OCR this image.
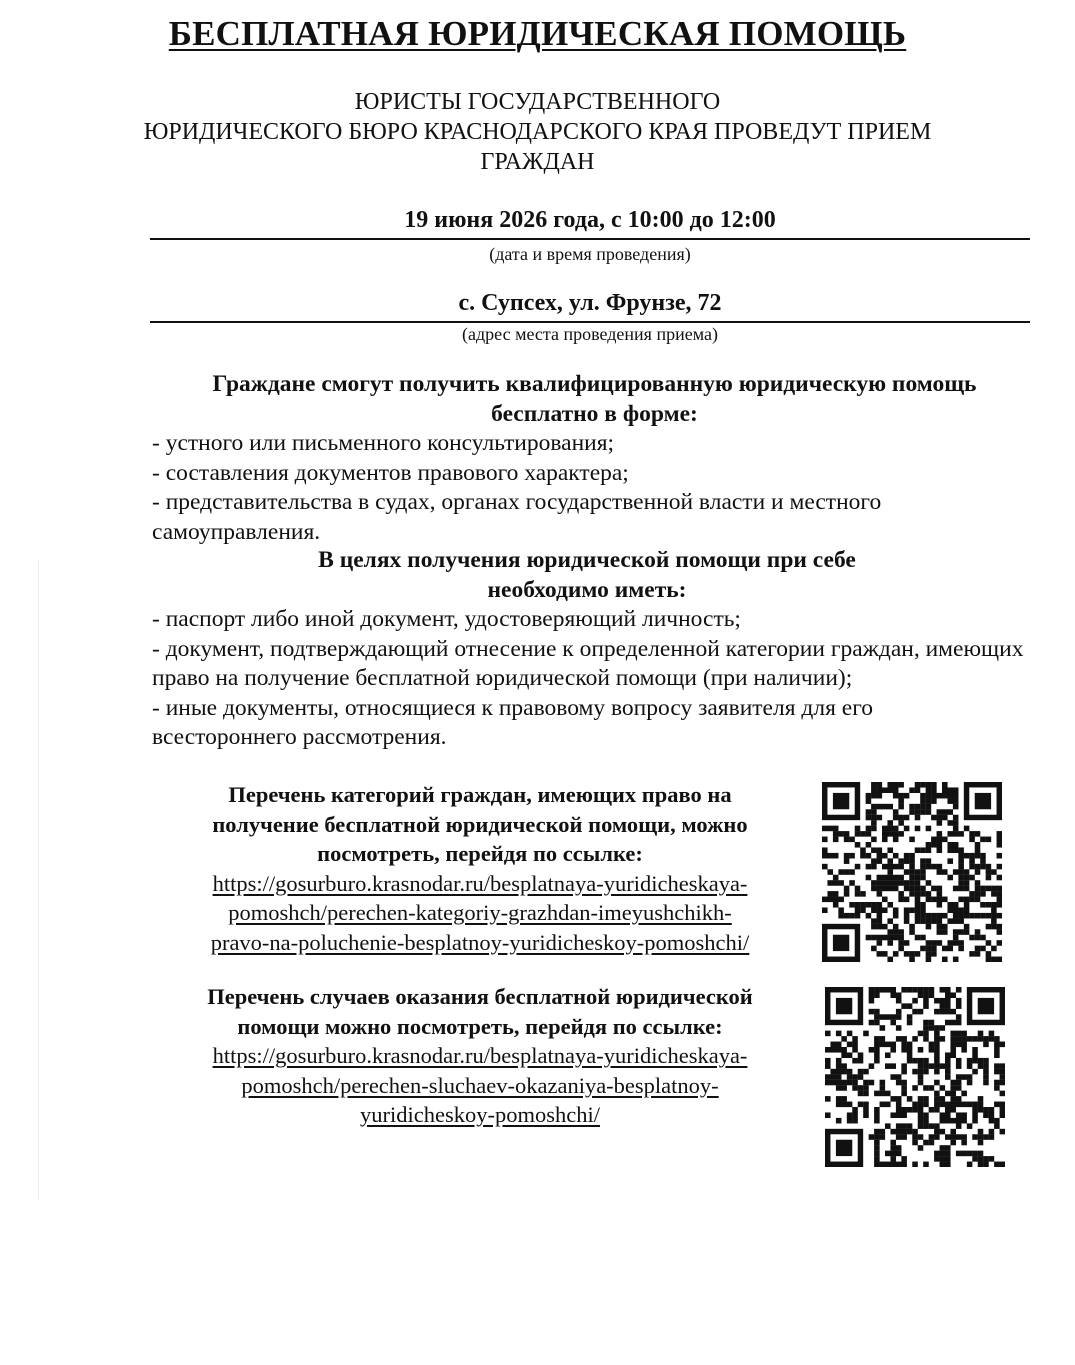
БЕСПЛАТНАЯ ЮРИДИЧЕСКАЯ ПОМОЩЬ
ЮРИСТЫ ГОСУДАРСТВЕННОГО
ЮРИДИЧЕСКОГО БЮРО КРАСНОДАРСКОГО КРАЯ ПРОВЕДУТ ПРИЕМ
ГРАЖДАН
19 июня 2026 года, с 10:00 до 12:00
(дата и время проведения)
с. Супсех, ул. Фрунзе, 72
(адрес места проведения приема)
Граждане смогут получить квалифицированную юридическую помощь
бесплатно в форме:
- устного или письменного консультирования;
- составления документов правового характера;
- представительства в судах, органах государственной власти и местного самоуправления.
В целях получения юридической помощи при себе
необходимо иметь:
- паспорт либо иной документ, удостоверяющий личность;
- документ, подтверждающий отнесение к определенной категории граждан, имеющих право на получение бесплатной юридической помощи (при наличии);
- иные документы, относящиеся к правовому вопросу заявителя для его всестороннего рассмотрения.
Перечень категорий граждан, имеющих право на
получение бесплатной юридической помощи, можно
посмотреть, перейдя по ссылке:
https://gosurburo.krasnodar.ru/besplatnaya-yuridicheskaya-
pomoshch/perechen-kategoriy-grazhdan-imeyushchikh-
pravo-na-poluchenie-besplatnoy-yuridicheskoy-pomoshchi/
Перечень случаев оказания бесплатной юридической
помощи можно посмотреть, перейдя по ссылке:
https://gosurburo.krasnodar.ru/besplatnaya-yuridicheskaya-
pomoshch/perechen-sluchaev-okazaniya-besplatnoy-
yuridicheskoy-pomoshchi/
